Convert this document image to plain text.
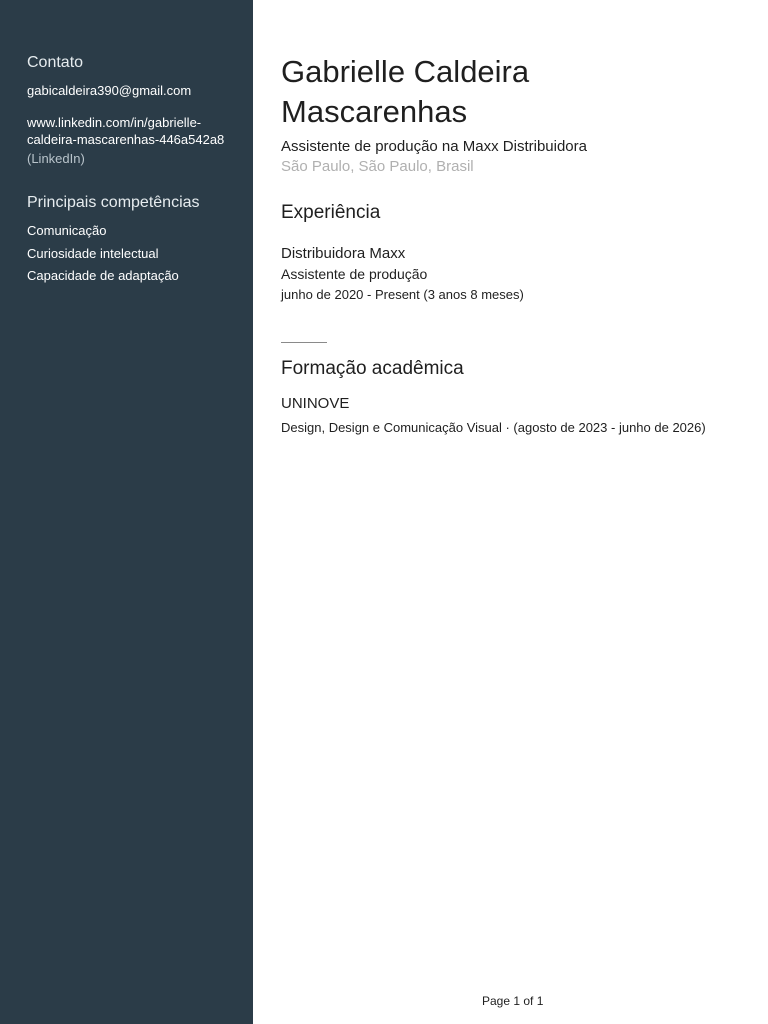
Contato
gabicaldeira390@gmail.com
www.linkedin.com/in/gabrielle-
caldeira-mascarenhas-446a542a8
(LinkedIn)
Principais competências
Comunicação
Curiosidade intelectual
Capacidade de adaptação
Gabrielle Caldeira
Mascarenhas
Assistente de produção na Maxx Distribuidora
São Paulo, São Paulo, Brasil
Experiência
Distribuidora Maxx
Assistente de produção
junho de 2020 - Present (3 anos 8 meses)
Formação acadêmica
UNINOVE
Design, Design e Comunicação Visual · (agosto de 2023 - junho de 2026)
Page 1 of 1
